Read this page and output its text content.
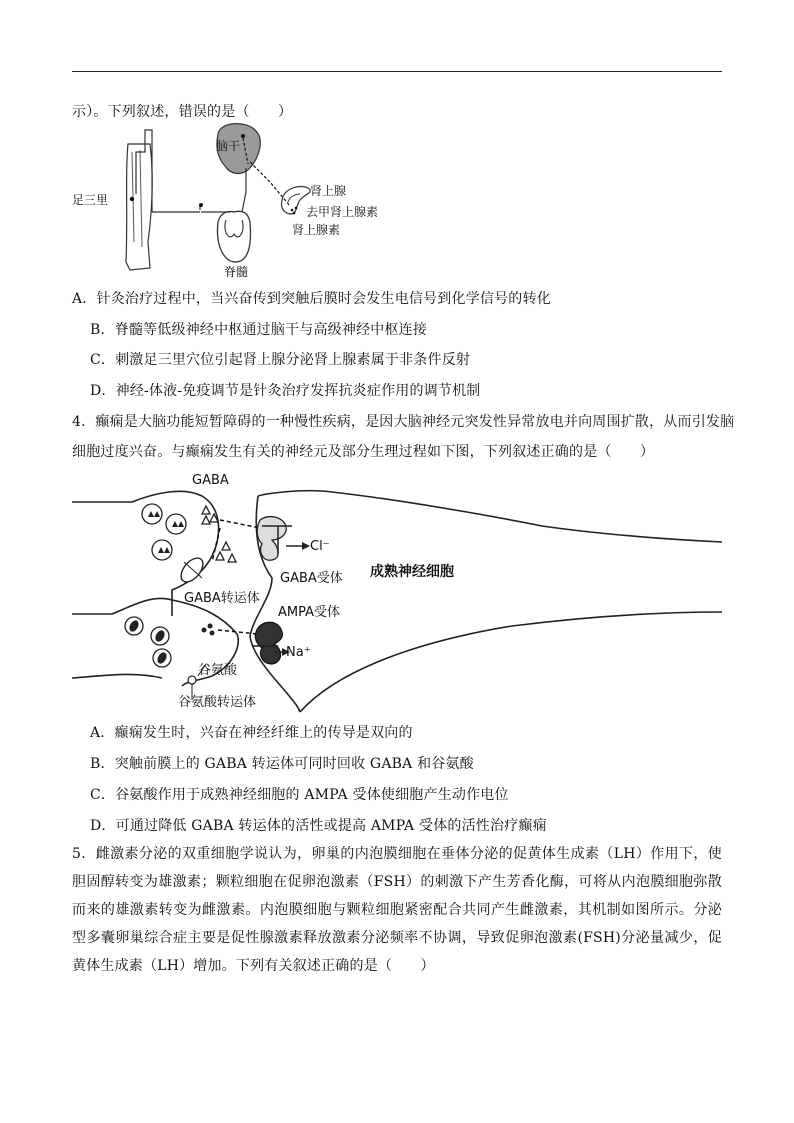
示）。下列叙述，错误的是（　　）
脑干
足三里
脊髓
肾上腺
去甲肾上腺素
肾上腺素
A．针灸治疗过程中，当兴奋传到突触后膜时会发生电信号到化学信号的转化
B．脊髓等低级神经中枢通过脑干与高级神经中枢连接
C．刺激足三里穴位引起肾上腺分泌肾上腺素属于非条件反射
D．神经-体液-免疫调节是针灸治疗发挥抗炎症作用的调节机制
4．癫痫是大脑功能短暂障碍的一种慢性疾病，是因大脑神经元突发性异常放电并向周围扩散，从而引发脑
细胞过度兴奋。与癫痫发生有关的神经元及部分生理过程如下图，下列叙述正确的是（　　）
GABA
Cl⁻
GABA受体 成熟神经细胞
GABA转运体
AMPA受体
Na⁺
谷氨酸
谷氨酸转运体
A．癫痫发生时，兴奋在神经纤维上的传导是双向的
B．突触前膜上的 GABA 转运体可同时回收 GABA 和谷氨酸
C．谷氨酸作用于成熟神经细胞的 AMPA 受体使细胞产生动作电位
D．可通过降低 GABA 转运体的活性或提高 AMPA 受体的活性治疗癫痫
5．雌激素分泌的双重细胞学说认为，卵巢的内泡膜细胞在垂体分泌的促黄体生成素（LH）作用下，使胆固醇转变为雄激素；颗粒细胞在促卵泡激素（FSH）的刺激下产生芳香化酶，可将从内泡膜细胞弥散而来的雄激素转变为雌激素。内泡膜细胞与颗粒细胞紧密配合共同产生雌激素，其机制如图所示。分泌型多囊卵巢综合症主要是促性腺激素释放激素分泌频率不协调，导致促卵泡激素(FSH)分泌量减少，促黄体生成素（LH）增加。下列有关叙述正确的是（　　）
